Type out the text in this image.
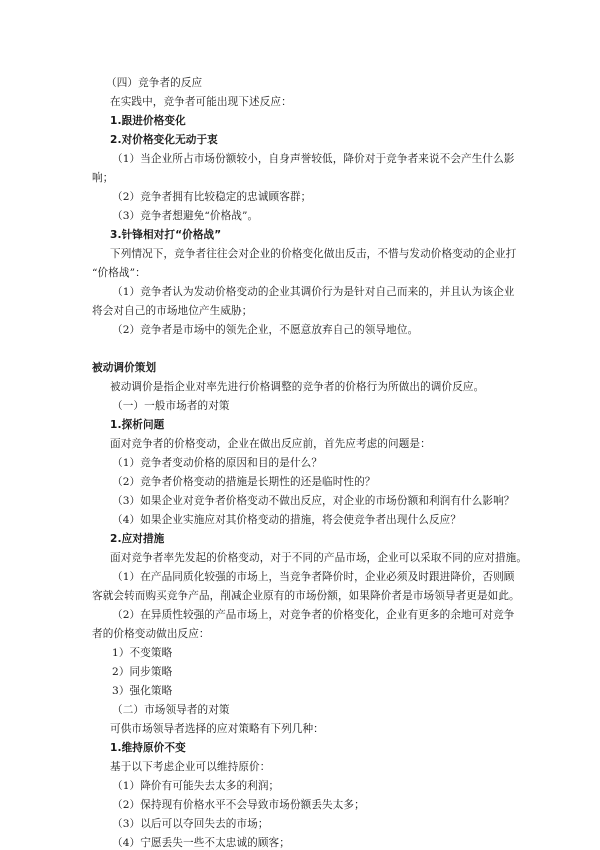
（四）竞争者的反应
在实践中，竞争者可能出现下述反应：
1.跟进价格变化
2.对价格变化无动于衷
（1）当企业所占市场份额较小，自身声誉较低，降价对于竞争者来说不会产生什么影
响；
（2）竞争者拥有比较稳定的忠诚顾客群；
（3）竞争者想避免“价格战”。
3.针锋相对打“价格战”
下列情况下，竞争者往往会对企业的价格变化做出反击，不惜与发动价格变动的企业打
“价格战”：
（1）竞争者认为发动价格变动的企业其调价行为是针对自己而来的，并且认为该企业
将会对自己的市场地位产生威胁；
（2）竞争者是市场中的领先企业，不愿意放弃自己的领导地位。
被动调价策划
被动调价是指企业对率先进行价格调整的竞争者的价格行为所做出的调价反应。
（一）一般市场者的对策
1.探析问题
面对竞争者的价格变动，企业在做出反应前，首先应考虑的问题是：
（1）竞争者变动价格的原因和目的是什么？
（2）竞争者价格变动的措施是长期性的还是临时性的？
（3）如果企业对竞争者价格变动不做出反应，对企业的市场份额和利润有什么影响？
（4）如果企业实施应对其价格变动的措施，将会使竞争者出现什么反应？
2.应对措施
面对竞争者率先发起的价格变动，对于不同的产品市场，企业可以采取不同的应对措施。
（1）在产品同质化较强的市场上，当竞争者降价时，企业必须及时跟进降价，否则顾
客就会转而购买竞争产品，削减企业原有的市场份额，如果降价者是市场领导者更是如此。
（2）在异质性较强的产品市场上，对竞争者的价格变化，企业有更多的余地可对竞争
者的价格变动做出反应：
1）不变策略
2）同步策略
3）强化策略
（二）市场领导者的对策
可供市场领导者选择的应对策略有下列几种：
1.维持原价不变
基于以下考虑企业可以维持原价：
（1）降价有可能失去太多的利润；
（2）保持现有价格水平不会导致市场份额丢失太多；
（3）以后可以夺回失去的市场；
（4）宁愿丢失一些不太忠诚的顾客；
